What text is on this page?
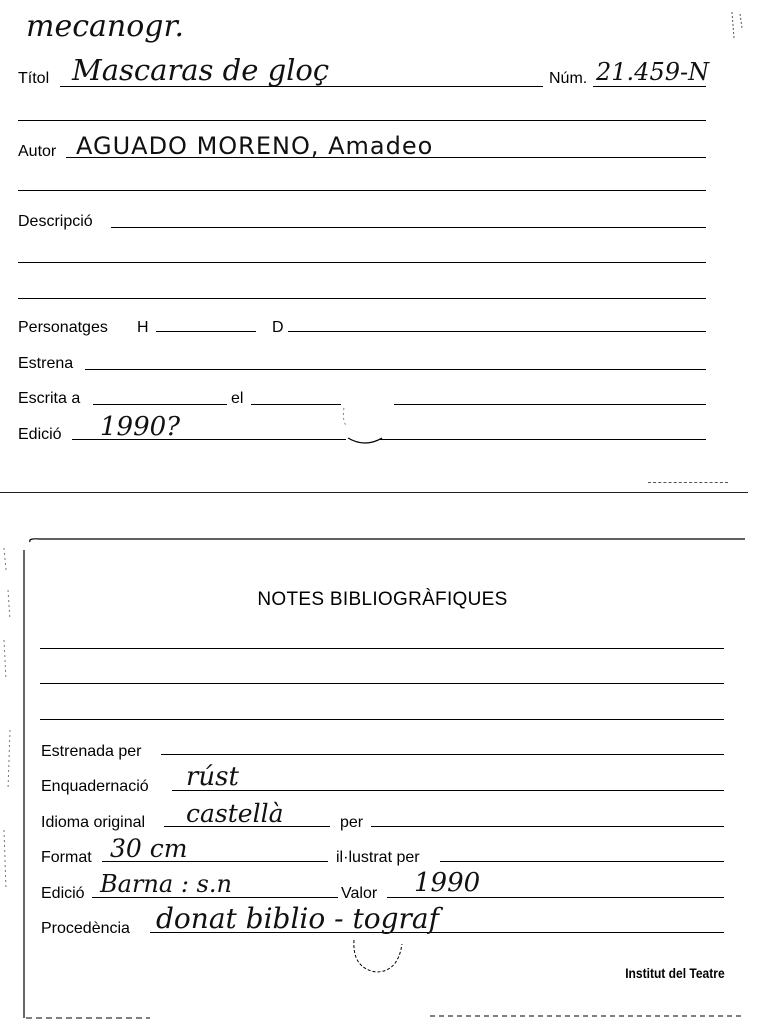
mecanogr.
Títol Mascaras de gloç	Núm. 21.459-N
Autor AGUADO MORENO, Amadeo
Descripció
Personatges H	D
Estrena
Escrita a	el
Edició 1990?
NOTES BIBLIOGRÀFIQUES
Estrenada per
Enquadernació rúst
Idioma original castellà	per
Format 30 cm	il·lustrat per
Edició Barna : s.n	Valor 1990
Procedència donat biblio - tograf
Institut del Teatre
